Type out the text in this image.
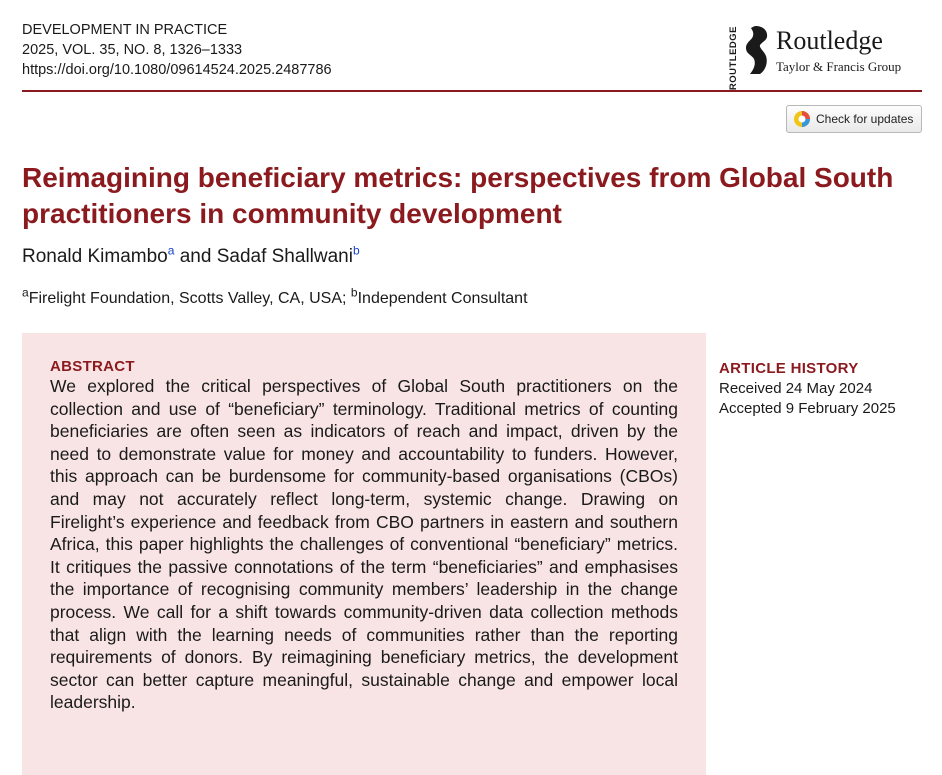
DEVELOPMENT IN PRACTICE
2025, VOL. 35, NO. 8, 1326–1333
https://doi.org/10.1080/09614524.2025.2487786	ROUTLEDGE Routledge
Taylor & Francis Group
Check for updates
Reimagining beneficiary metrics: perspectives from Global South practitioners in community development
Ronald Kimambo$^a$ and Sadaf Shallwani$^b$
$^a$Firelight Foundation, Scotts Valley, CA, USA; $^b$Independent Consultant
ABSTRACT

We explored the critical perspectives of Global South practitioners on the collection and use of “beneficiary” terminology. Traditional metrics of counting beneficiaries are often seen as indicators of reach and impact, driven by the need to demonstrate value for money and accountability to funders. However, this approach can be burdensome for community-based organisations (CBOs) and may not accurately reflect long-term, systemic change. Drawing on Firelight’s experience and feedback from CBO partners in eastern and southern Africa, this paper highlights the challenges of conventional “beneficiary” metrics. It critiques the passive connotations of the term “beneficiaries” and emphasises the importance of recognising community members’ leadership in the change process. We call for a shift towards community-driven data collection methods that align with the learning needs of communities rather than the reporting requirements of donors. By reimagining beneficiary metrics, the development sector can better capture meaningful, sustainable change and empower local leadership.

ARTICLE HISTORY
Received 24 May 2024
Accepted 9 February 2025
